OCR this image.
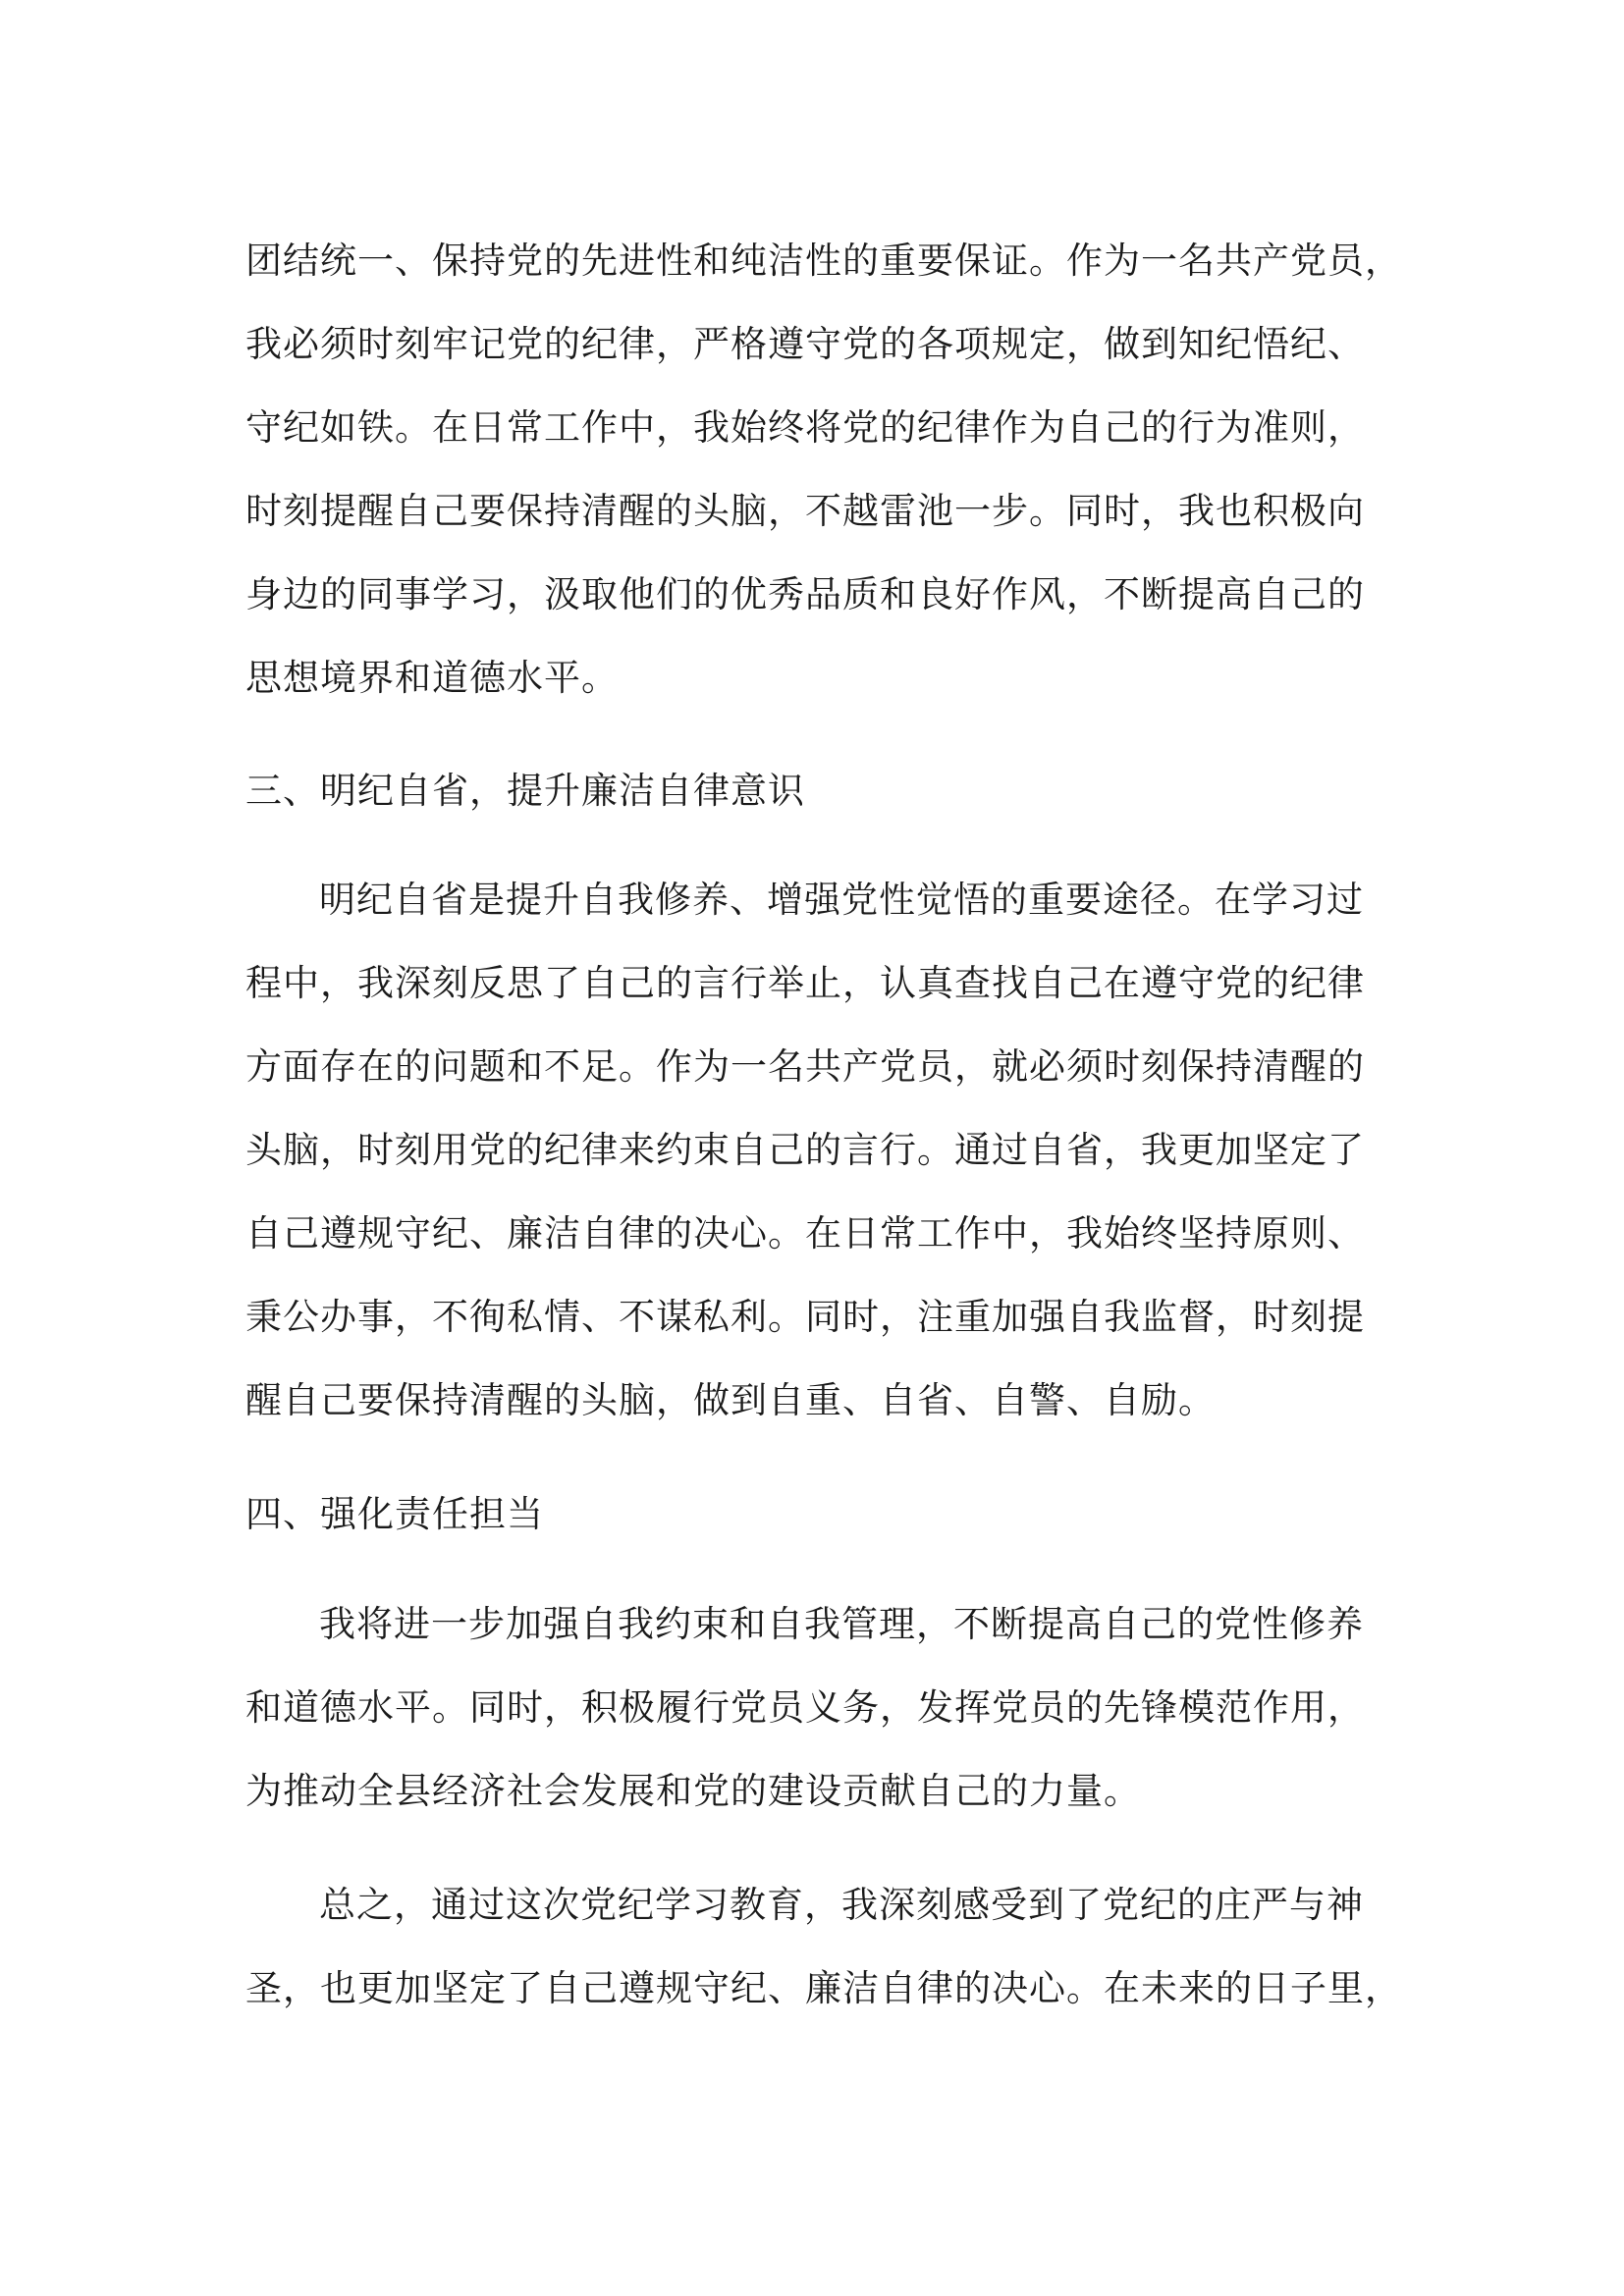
团结统一、保持党的先进性和纯洁性的重要保证。作为一名共产党员，
我必须时刻牢记党的纪律，严格遵守党的各项规定，做到知纪悟纪、
守纪如铁。在日常工作中，我始终将党的纪律作为自己的行为准则，
时刻提醒自己要保持清醒的头脑，不越雷池一步。同时，我也积极向
身边的同事学习，汲取他们的优秀品质和良好作风，不断提高自己的
思想境界和道德水平。
三、明纪自省，提升廉洁自律意识
明纪自省是提升自我修养、增强党性觉悟的重要途径。在学习过
程中，我深刻反思了自己的言行举止，认真查找自己在遵守党的纪律
方面存在的问题和不足。作为一名共产党员，就必须时刻保持清醒的
头脑，时刻用党的纪律来约束自己的言行。通过自省，我更加坚定了
自己遵规守纪、廉洁自律的决心。在日常工作中，我始终坚持原则、
秉公办事，不徇私情、不谋私利。同时，注重加强自我监督，时刻提
醒自己要保持清醒的头脑，做到自重、自省、自警、自励。
四、强化责任担当
我将进一步加强自我约束和自我管理，不断提高自己的党性修养
和道德水平。同时，积极履行党员义务，发挥党员的先锋模范作用，
为推动全县经济社会发展和党的建设贡献自己的力量。
总之，通过这次党纪学习教育，我深刻感受到了党纪的庄严与神
圣，也更加坚定了自己遵规守纪、廉洁自律的决心。在未来的日子里，
